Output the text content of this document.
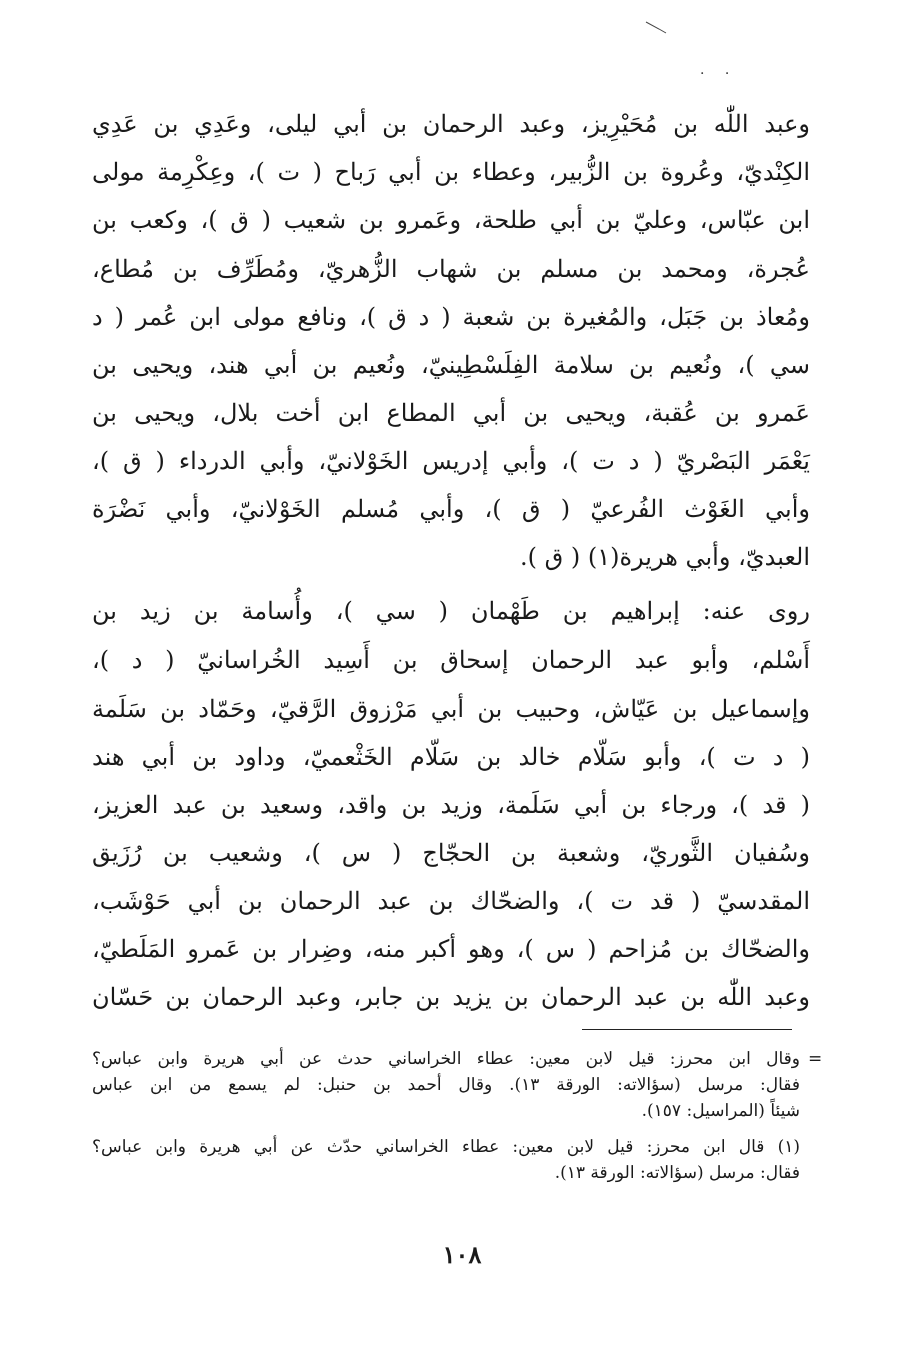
· ·
وعبد اللّٰه بن مُحَيْرِيز، وعبد الرحمان بن أبي ليلى، وعَدِي بن عَدِي
الكِنْديّ، وعُروة بن الزُّبير، وعطاء بن أبي رَباح ( ت )، وعِكْرِمة مولى
ابن عبّاس، وعليّ بن أبي طلحة، وعَمرو بن شعيب ( ق )، وكعب بن
عُجرة، ومحمد بن مسلم بن شهاب الزُّهريّ، ومُطَرِّف بن مُطاع،
ومُعاذ بن جَبَل، والمُغيرة بن شعبة ( د ق )، ونافع مولى ابن عُمر ( د
سي )، ونُعيم بن سلامة الفِلَسْطِينيّ، ونُعيم بن أبي هند، ويحيى بن
عَمرو بن عُقبة، ويحيى بن أبي المطاع ابن أخت بلال، ويحيى بن
يَعْمَر البَصْريّ ( د ت )، وأبي إدريس الخَوْلانيّ، وأبي الدرداء ( ق )،
وأبي الغَوْث الفُرعيّ ( ق )، وأبي مُسلم الخَوْلانيّ، وأبي نَضْرَة
العبديّ، وأبي هريرة(١) ( ق ).
روى عنه: إبراهيم بن طَهْمان ( سي )، وأُسامة بن زيد بن
أَسْلم، وأبو عبد الرحمان إسحاق بن أَسِيد الخُراسانيّ ( د )،
وإسماعيل بن عَيّاش، وحبيب بن أبي مَرْزوق الرَّقيّ، وحَمّاد بن سَلَمة
( د ت )، وأبو سَلّام خالد بن سَلّام الخَثْعميّ، وداود بن أبي هند
( قد )، ورجاء بن أبي سَلَمة، وزيد بن واقد، وسعيد بن عبد العزيز،
وسُفيان الثَّوريّ، وشعبة بن الحجّاج ( س )، وشعيب بن رُزَيق
المقدسيّ ( قد ت )، والضحّاك بن عبد الرحمان بن أبي حَوْشَب،
والضحّاك بن مُزاحم ( س )، وهو أكبر منه، وضِرار بن عَمرو المَلَطيّ،
وعبد اللّٰه بن عبد الرحمان بن يزيد بن جابر، وعبد الرحمان بن حَسّان
=
وقال ابن محرز: قيل لابن معين: عطاء الخراساني حدث عن أبي هريرة وابن عباس؟
فقال: مرسل (سؤالاته: الورقة ١٣). وقال أحمد بن حنبل: لم يسمع من ابن عباس
شيئاً (المراسيل: ١٥٧).
(١) قال ابن محرز: قيل لابن معين: عطاء الخراساني حدّث عن أبي هريرة وابن عباس؟
فقال: مرسل (سؤالاته: الورقة ١٣).
١٠٨
